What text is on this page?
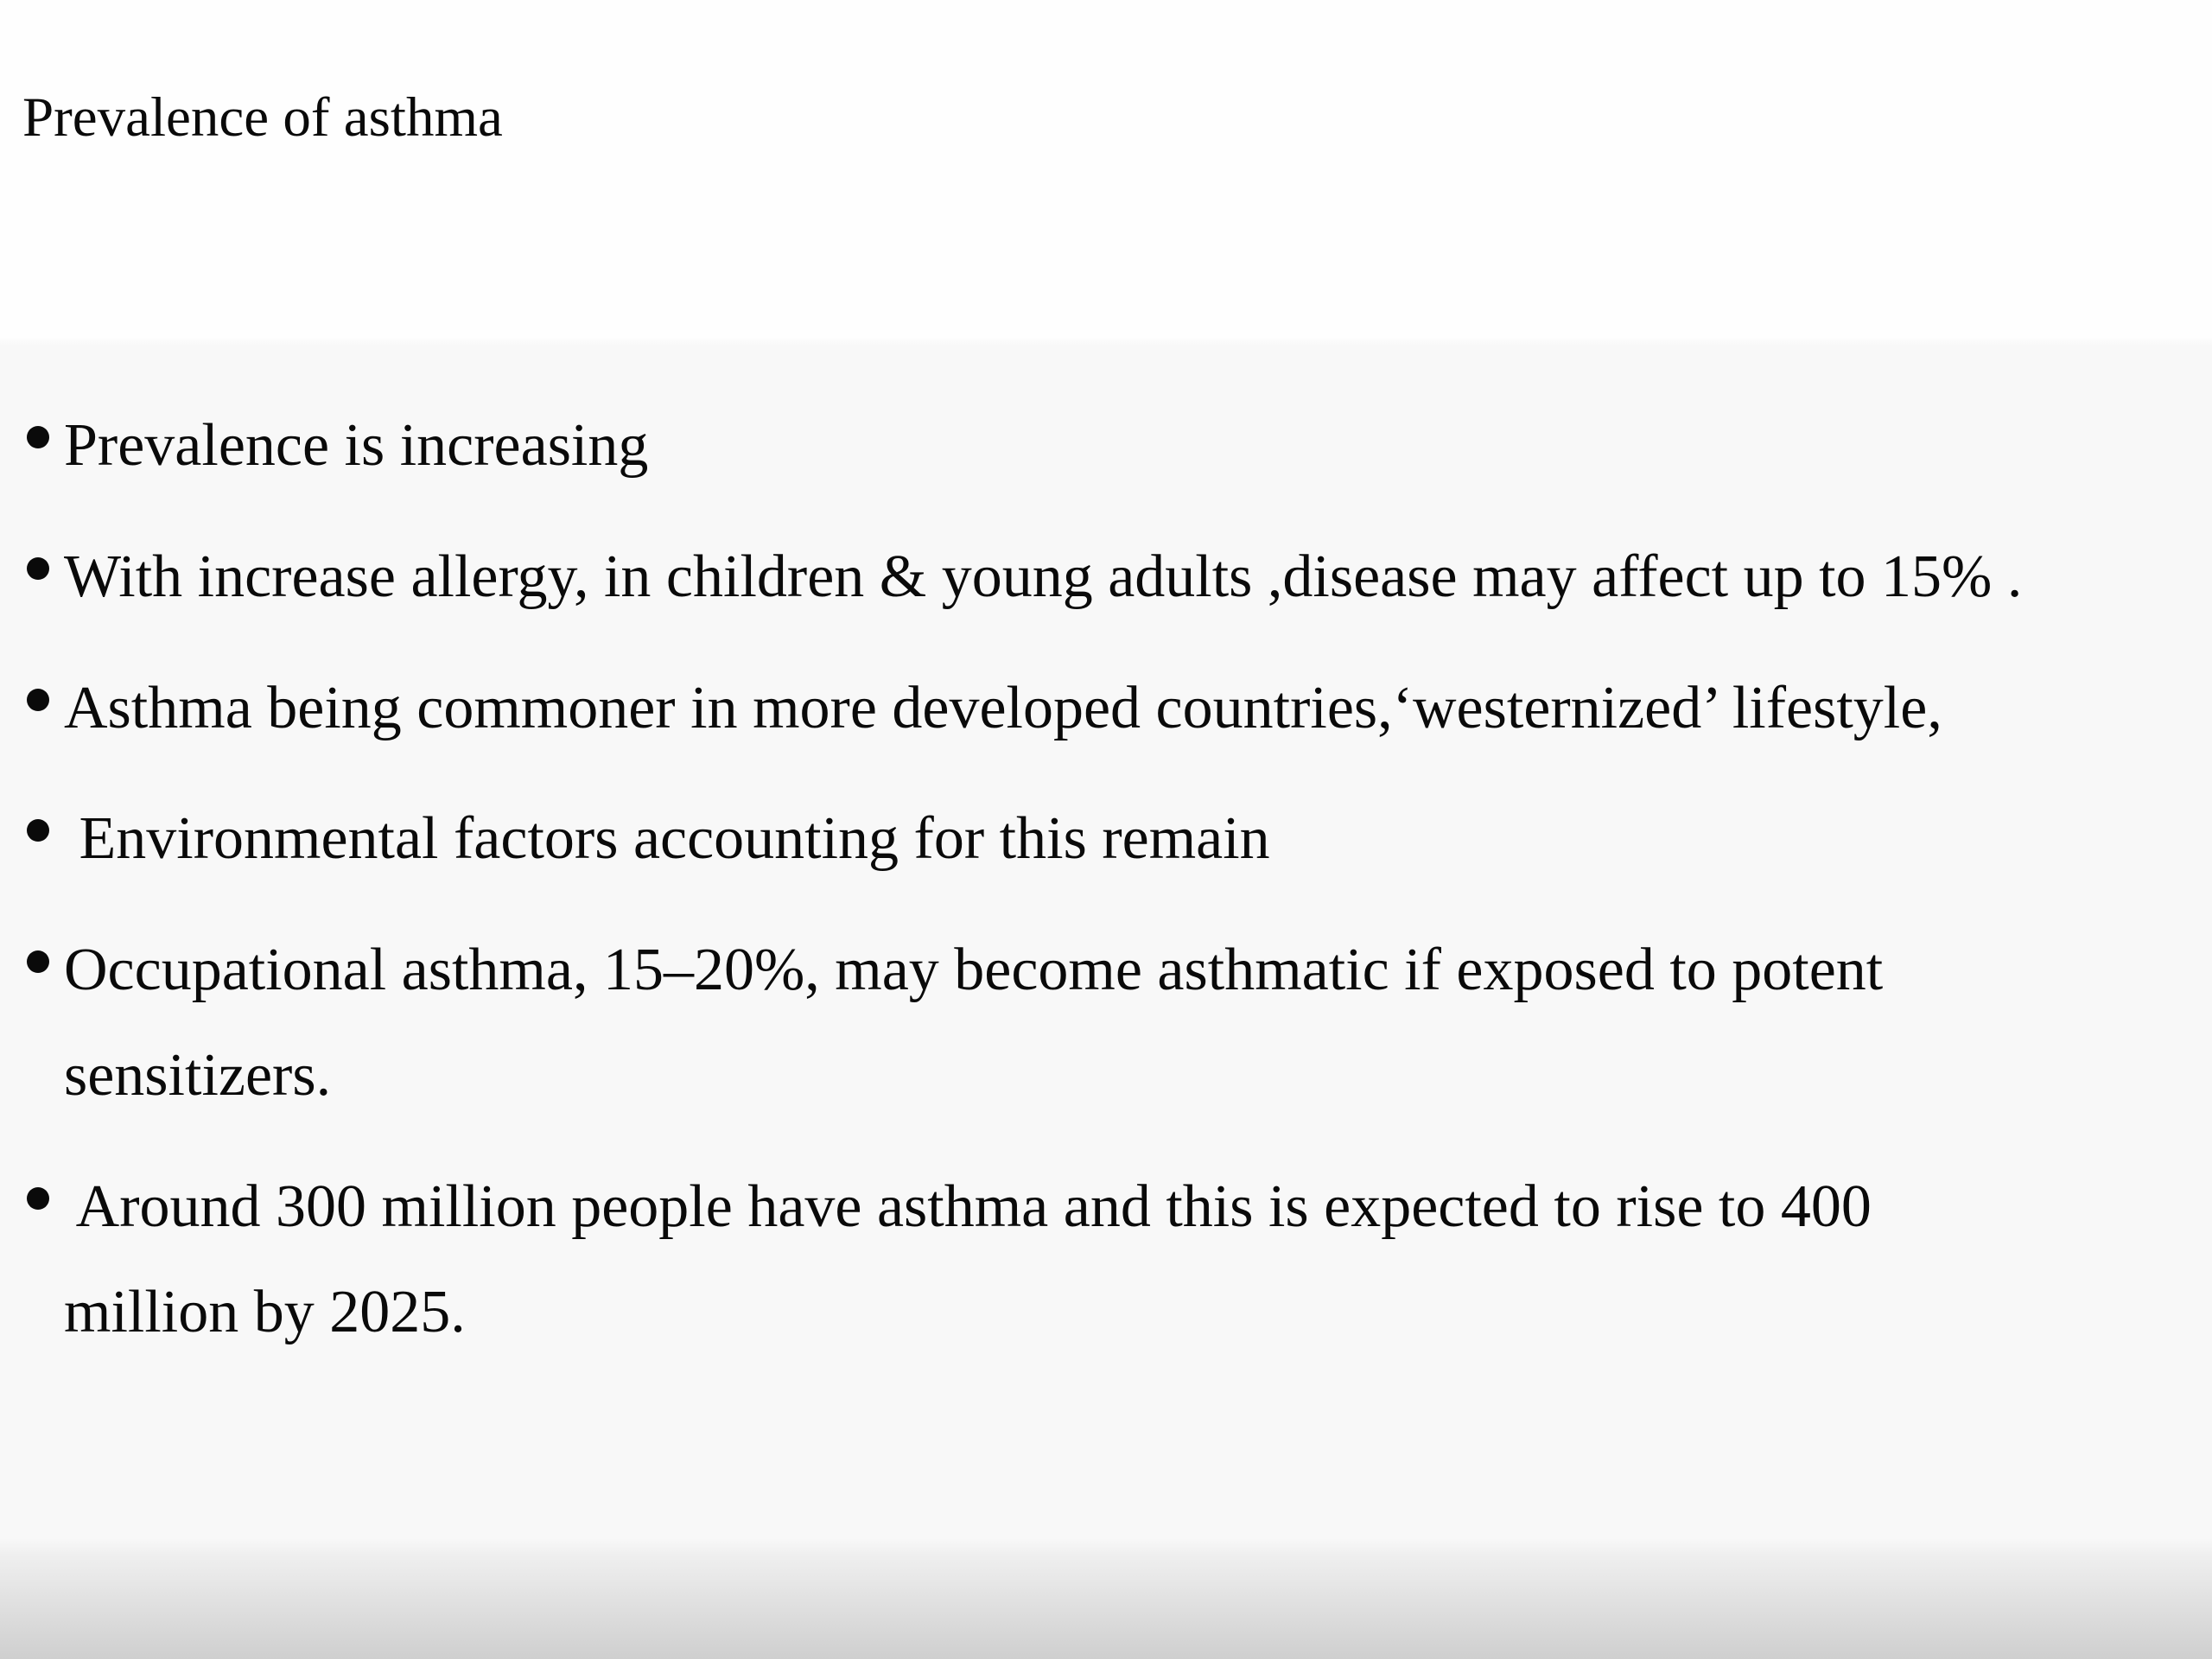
Prevalence of asthma
Prevalence is increasing
With increase allergy, in children & young adults ,disease may affect up to 15% .
Asthma being commoner in more developed countries,‘westernized’ lifestyle,
Environmental factors accounting for this remain
Occupational asthma, 15–20%, may become asthmatic if exposed to potent
sensitizers.
Around 300 million people have asthma and this is expected to rise to 400
million by 2025.
